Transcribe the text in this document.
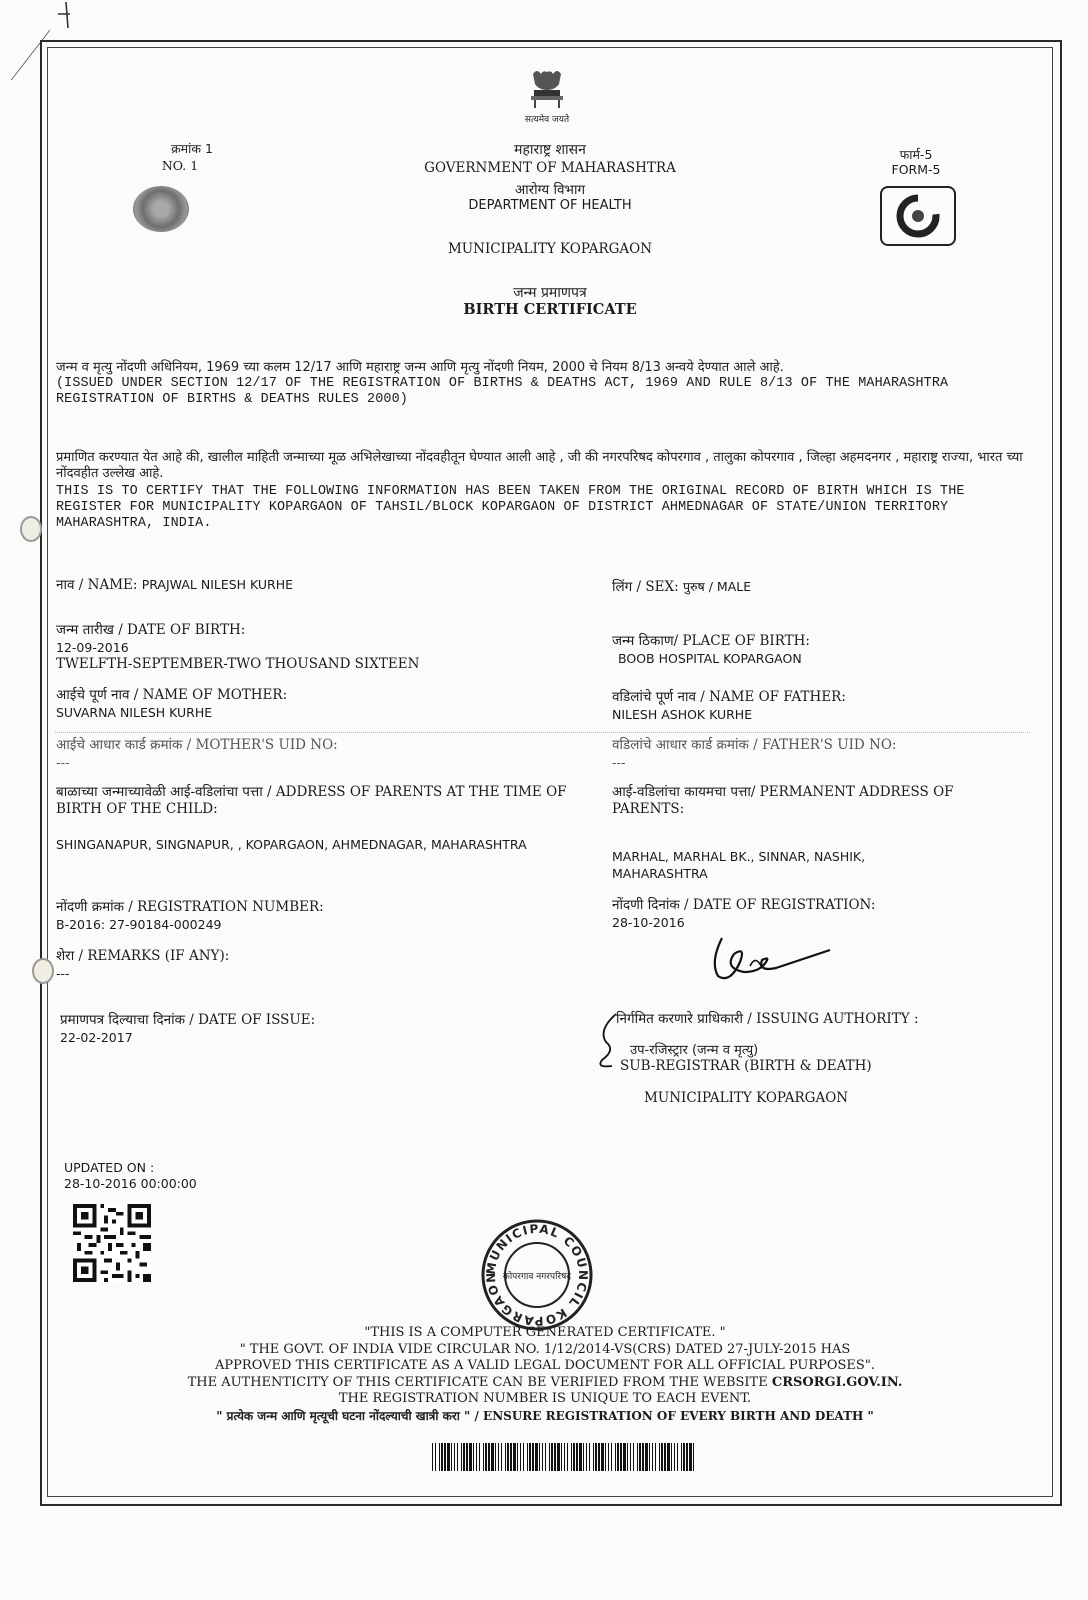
सत्यमेव जयते
क्रमांक 1
NO. 1
फार्म-5
FORM-5
महाराष्ट्र शासन
GOVERNMENT OF MAHARASHTRA
आरोग्य विभाग
DEPARTMENT OF HEALTH
MUNICIPALITY KOPARGAON
जन्म प्रमाणपत्र
BIRTH CERTIFICATE
जन्म व मृत्यु नोंदणी अधिनियम, 1969 च्या कलम 12/17 आणि महाराष्ट्र जन्म आणि मृत्यु नोंदणी नियम, 2000 चे नियम 8/13 अन्वये देण्यात आले आहे.
(ISSUED UNDER SECTION 12/17 OF THE REGISTRATION OF BIRTHS & DEATHS ACT, 1969 AND RULE 8/13 OF THE MAHARASHTRA REGISTRATION OF BIRTHS & DEATHS RULES 2000)
प्रमाणित करण्यात येत आहे की, खालील माहिती जन्माच्या मूळ अभिलेखाच्या नोंदवहीतून घेण्यात आली आहे , जी की नगरपरिषद कोपरगाव , तालुका कोपरगाव , जिल्हा अहमदनगर , महाराष्ट्र राज्या, भारत च्या नोंदवहीत उल्लेख आहे.
THIS IS TO CERTIFY THAT THE FOLLOWING INFORMATION HAS BEEN TAKEN FROM THE ORIGINAL RECORD OF BIRTH WHICH IS THE REGISTER FOR MUNICIPALITY KOPARGAON OF TAHSIL/BLOCK KOPARGAON OF DISTRICT AHMEDNAGAR OF STATE/UNION TERRITORY MAHARASHTRA, INDIA.
नाव / NAME: PRAJWAL NILESH KURHE
जन्म तारीख / DATE OF BIRTH:
12-09-2016
TWELFTH-SEPTEMBER-TWO THOUSAND SIXTEEN
आईचे पूर्ण नाव / NAME OF MOTHER:
SUVARNA NILESH KURHE
आईचे आधार कार्ड क्रमांक / MOTHER'S UID NO:
---
बाळाच्या जन्माच्यावेळी आई-वडिलांचा पत्ता / ADDRESS OF PARENTS AT THE TIME OF BIRTH OF THE CHILD:
SHINGANAPUR, SINGNAPUR, , KOPARGAON, AHMEDNAGAR, MAHARASHTRA
नोंदणी क्रमांक / REGISTRATION NUMBER:
B-2016: 27-90184-000249
शेरा / REMARKS (IF ANY):
---
प्रमाणपत्र दिल्याचा दिनांक / DATE OF ISSUE:
22-02-2017
लिंग / SEX: पुरुष / MALE
जन्म ठिकाण/ PLACE OF BIRTH:
BOOB HOSPITAL KOPARGAON
वडिलांचे पूर्ण नाव / NAME OF FATHER:
NILESH ASHOK KURHE
वडिलांचे आधार कार्ड क्रमांक / FATHER'S UID NO:
---
आई-वडिलांचा कायमचा पत्ता/ PERMANENT ADDRESS OF PARENTS:
MARHAL, MARHAL BK., SINNAR, NASHIK, MAHARASHTRA
नोंदणी दिनांक / DATE OF REGISTRATION:
28-10-2016
निर्गमित करणारे प्राधिकारी / ISSUING AUTHORITY :
उप-रजिस्ट्रार (जन्म व मृत्यु)
SUB-REGISTRAR (BIRTH & DEATH)
MUNICIPALITY KOPARGAON
UPDATED ON :
28-10-2016 00:00:00
MUNICIPAL COUNCIL KOPARGAON कोपरगाव नगरपरिषद
"THIS IS A COMPUTER GENERATED CERTIFICATE. "
" THE GOVT. OF INDIA VIDE CIRCULAR NO. 1/12/2014-VS(CRS) DATED 27-JULY-2015 HAS
APPROVED THIS CERTIFICATE AS A VALID LEGAL DOCUMENT FOR ALL OFFICIAL PURPOSES".
THE AUTHENTICITY OF THIS CERTIFICATE CAN BE VERIFIED FROM THE WEBSITE CRSORGI.GOV.IN.
THE REGISTRATION NUMBER IS UNIQUE TO EACH EVENT.
" प्रत्येक जन्म आणि मृत्यूची घटना नोंदल्याची खात्री करा " / ENSURE REGISTRATION OF EVERY BIRTH AND DEATH "
